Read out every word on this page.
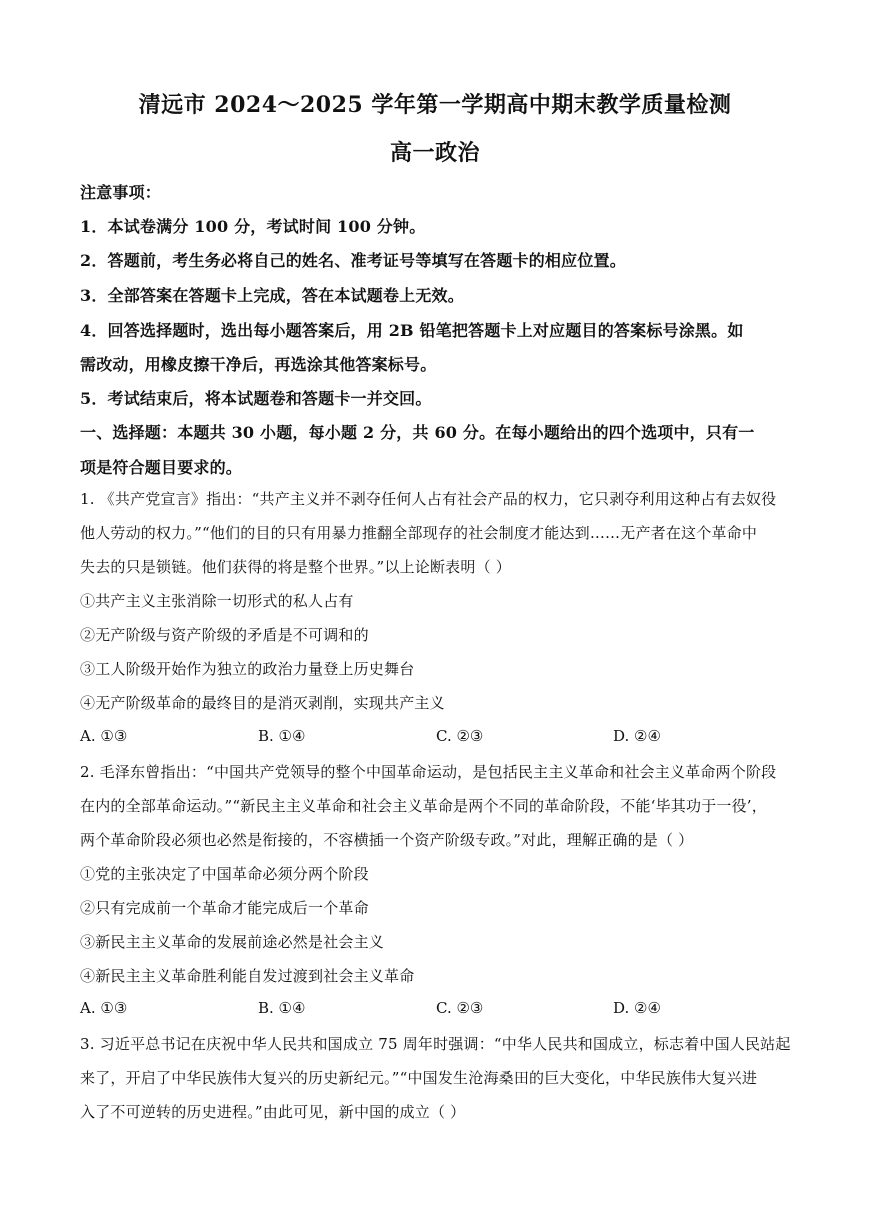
清远市 2024～2025 学年第一学期高中期末教学质量检测
高一政治
注意事项：
1．本试卷满分 100 分，考试时间 100 分钟。
2．答题前，考生务必将自己的姓名、准考证号等填写在答题卡的相应位置。
3．全部答案在答题卡上完成，答在本试题卷上无效。
4．回答选择题时，选出每小题答案后，用 2B 铅笔把答题卡上对应题目的答案标号涂黑。如
需改动，用橡皮擦干净后，再选涂其他答案标号。
5．考试结束后，将本试题卷和答题卡一并交回。
一、选择题：本题共 30 小题，每小题 2 分，共 60 分。在每小题给出的四个选项中，只有一
项是符合题目要求的。
1. 《共产党宣言》指出：“共产主义并不剥夺任何人占有社会产品的权力，它只剥夺利用这种占有去奴役
他人劳动的权力。”“他们的目的只有用暴力推翻全部现存的社会制度才能达到……无产者在这个革命中
失去的只是锁链。他们获得的将是整个世界。”以上论断表明（ ）
①共产主义主张消除一切形式的私人占有
②无产阶级与资产阶级的矛盾是不可调和的
③工人阶级开始作为独立的政治力量登上历史舞台
④无产阶级革命的最终目的是消灭剥削，实现共产主义
A. ①③	B. ①④	C. ②③	D. ②④
2. 毛泽东曾指出：“中国共产党领导的整个中国革命运动，是包括民主主义革命和社会主义革命两个阶段
在内的全部革命运动。”“新民主主义革命和社会主义革命是两个不同的革命阶段，不能‘毕其功于一役’，
两个革命阶段必须也必然是衔接的，不容横插一个资产阶级专政。”对此，理解正确的是（ ）
①党的主张决定了中国革命必须分两个阶段
②只有完成前一个革命才能完成后一个革命
③新民主主义革命的发展前途必然是社会主义
④新民主主义革命胜利能自发过渡到社会主义革命
A. ①③	B. ①④	C. ②③	D. ②④
3. 习近平总书记在庆祝中华人民共和国成立 75 周年时强调：“中华人民共和国成立，标志着中国人民站起
来了，开启了中华民族伟大复兴的历史新纪元。”“中国发生沧海桑田的巨大变化，中华民族伟大复兴进
入了不可逆转的历史进程。”由此可见，新中国的成立（ ）
